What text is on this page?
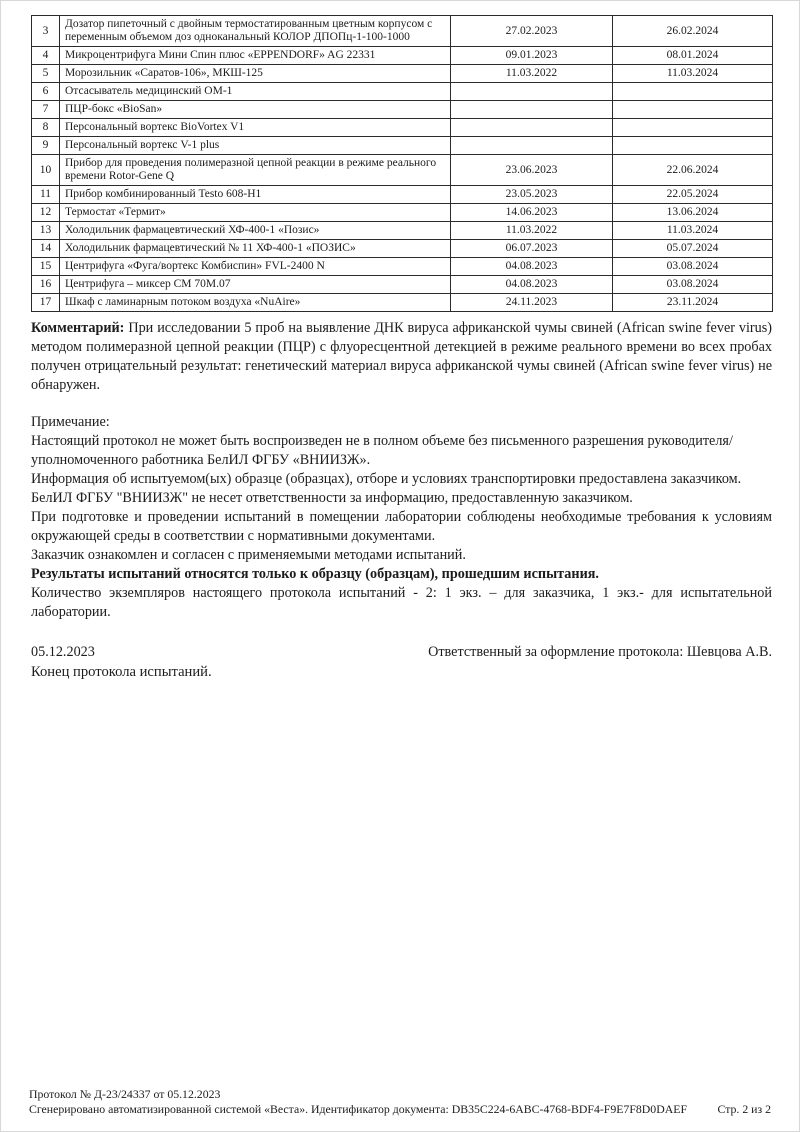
3	Дозатор пипеточный с двойным термостатированным цветным корпусом с переменным объемом доз одноканальный КОЛОР ДПОПц-1-100-1000	27.02.2023	26.02.2024
4	Микроцентрифуга Мини Спин плюс «EPPENDORF» AG 22331	09.01.2023	08.01.2024
5	Морозильник «Саратов-106», МКШ-125	11.03.2022	11.03.2024
6	Отсасыватель медицинский ОМ-1		
7	ПЦР-бокс «BioSan»		
8	Персональный вортекс BioVortex V1		
9	Персональный вортекс V-1 plus		
10	Прибор для проведения полимеразной цепной реакции в режиме реального времени Rotor-Gene Q	23.06.2023	22.06.2024
11	Прибор комбинированный Testo 608-H1	23.05.2023	22.05.2024
12	Термостат «Термит»	14.06.2023	13.06.2024
13	Холодильник фармацевтический ХФ-400-1 «Позис»	11.03.2022	11.03.2024
14	Холодильник фармацевтический № 11 ХФ-400-1 «ПОЗИС»	06.07.2023	05.07.2024
15	Центрифуга «Фуга/вортекс Комбиспин» FVL-2400 N	04.08.2023	03.08.2024
16	Центрифуга – миксер СМ 70М.07	04.08.2023	03.08.2024
17	Шкаф с ламинарным потоком воздуха «NuAire»	24.11.2023	23.11.2024
Комментарий: При исследовании 5 проб на выявление ДНК вируса африканской чумы свиней (African swine fever virus) методом полимеразной цепной реакции (ПЦР) с флуоресцентной детекцией в режиме реального времени во всех пробах получен отрицательный результат: генетический материал вируса африканской чумы свиней (African swine fever virus) не обнаружен.
Примечание:
Настоящий протокол не может быть воспроизведен не в полном объеме без письменного разрешения руководителя/уполномоченного работника БелИЛ ФГБУ «ВНИИЗЖ».
Информация об испытуемом(ых) образце (образцах), отборе и условиях транспортировки предоставлена заказчиком.
БелИЛ ФГБУ "ВНИИЗЖ" не несет ответственности за информацию, предоставленную заказчиком.
При подготовке и проведении испытаний в помещении лаборатории соблюдены необходимые требования к условиям окружающей среды в соответствии с нормативными документами.
Заказчик ознакомлен и согласен с применяемыми методами испытаний.
Результаты испытаний относятся только к образцу (образцам), прошедшим испытания.
Количество экземпляров настоящего протокола испытаний - 2: 1 экз. – для заказчика, 1 экз.- для испытательной лаборатории.
05.12.2023	Ответственный за оформление протокола: Шевцова А.В.
Конец протокола испытаний.
Протокол № Д-23/24337 от 05.12.2023
Сгенерировано автоматизированной системой «Веста». Идентификатор документа: DB35C224-6ABC-4768-BDF4-F9E7F8D0DAEF	Стр. 2 из 2
